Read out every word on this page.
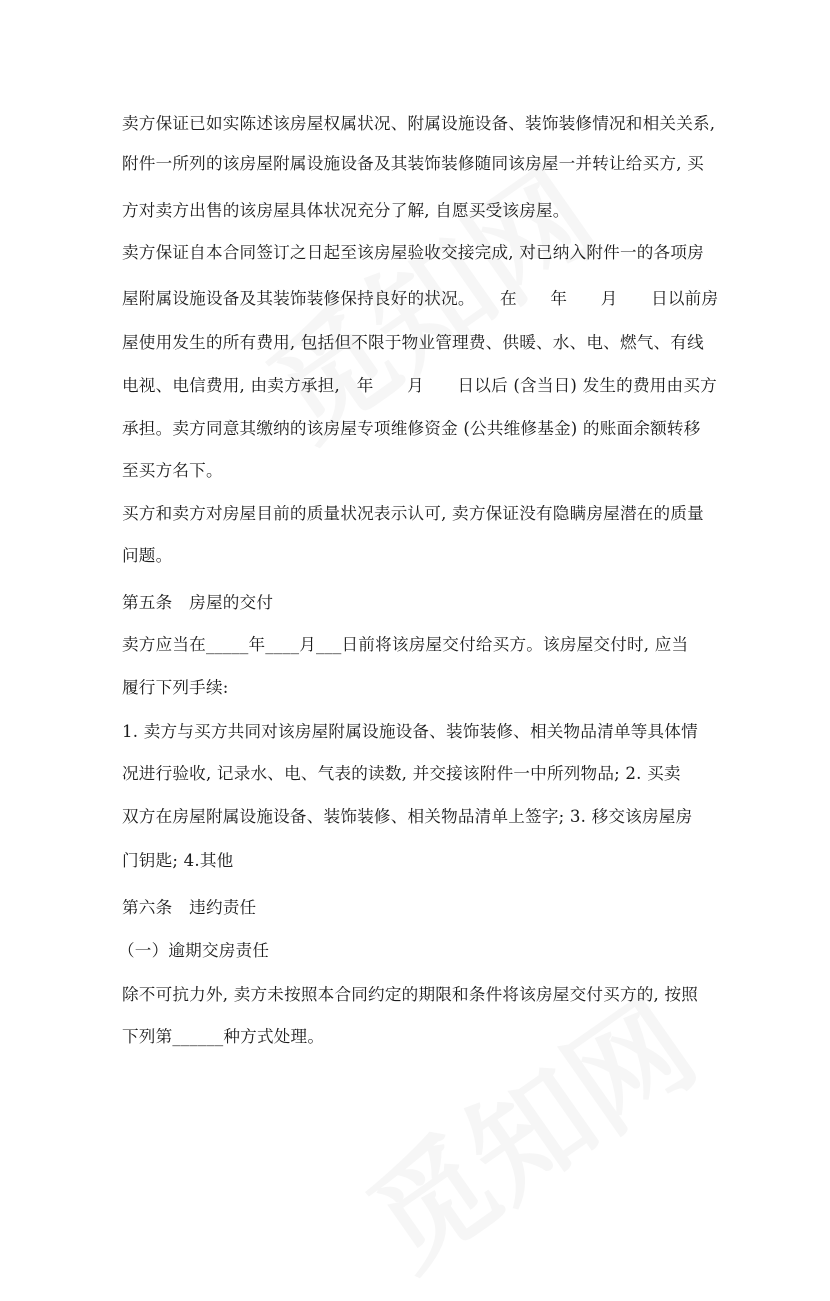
卖方保证已如实陈述该房屋权属状况、附属设施设备、装饰装修情况和相关关系,
附件一所列的该房屋附属设施设备及其装饰装修随同该房屋一并转让给买方, 买
方对卖方出售的该房屋具体状况充分了解, 自愿买受该房屋。
卖方保证自本合同签订之日起至该房屋验收交接完成, 对已纳入附件一的各项房
屋附属设施设备及其装饰装修保持良好的状况。　　在　　年　　月　　日以前房
屋使用发生的所有费用, 包括但不限于物业管理费、供暖、水、电、燃气、有线
电视、电信费用, 由卖方承担,　年　　月　　日以后 (含当日) 发生的费用由买方
承担。卖方同意其缴纳的该房屋专项维修资金 (公共维修基金) 的账面余额转移
至买方名下。
买方和卖方对房屋目前的质量状况表示认可, 卖方保证没有隐瞒房屋潜在的质量
问题。
第五条　房屋的交付
卖方应当在_____年____月___日前将该房屋交付给买方。该房屋交付时, 应当
履行下列手续:
1. 卖方与买方共同对该房屋附属设施设备、装饰装修、相关物品清单等具体情
况进行验收, 记录水、电、气表的读数, 并交接该附件一中所列物品; 2. 买卖
双方在房屋附属设施设备、装饰装修、相关物品清单上签字; 3. 移交该房屋房
门钥匙; 4.其他
第六条　违约责任
（一）逾期交房责任
除不可抗力外, 卖方未按照本合同约定的期限和条件将该房屋交付买方的, 按照
下列第______种方式处理。
